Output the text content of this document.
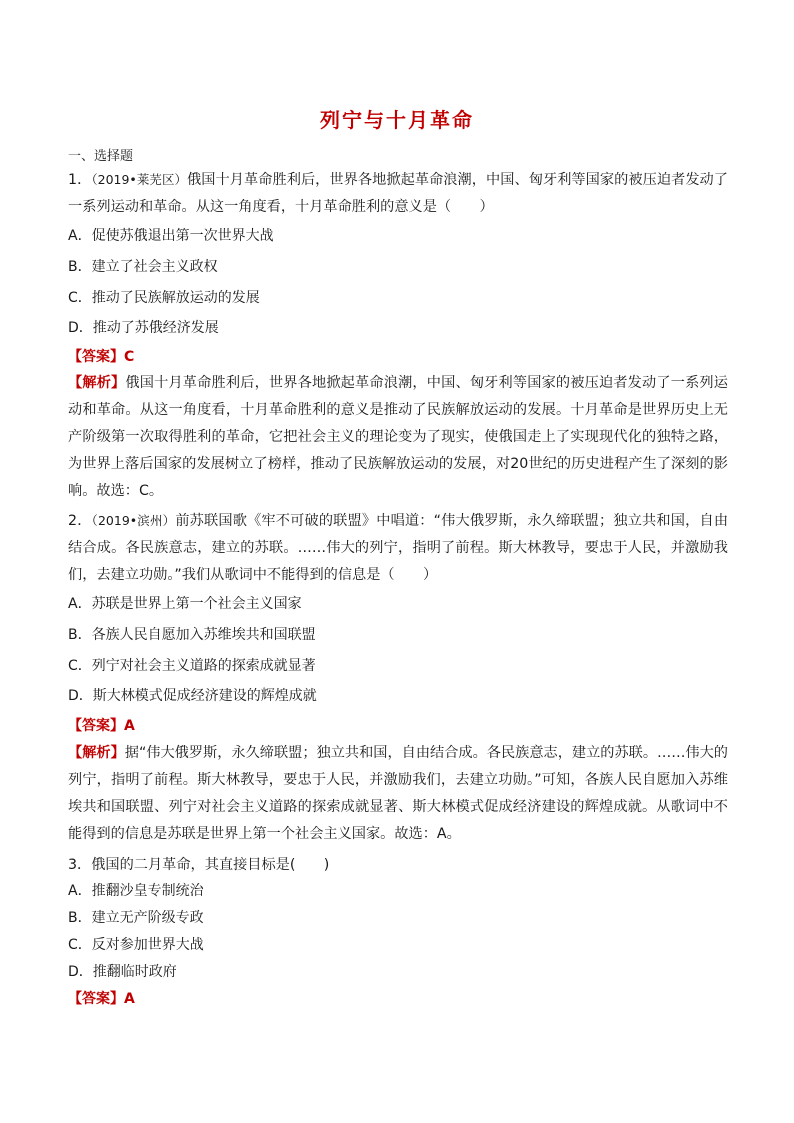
列宁与十月革命
一、选择题
1．（2019•莱芜区）俄国十月革命胜利后，世界各地掀起革命浪潮，中国、匈牙利等国家的被压迫者发动了一系列运动和革命。从这一角度看，十月革命胜利的意义是（　　）
A．促使苏俄退出第一次世界大战
B．建立了社会主义政权
C．推动了民族解放运动的发展
D．推动了苏俄经济发展
【答案】C
【解析】俄国十月革命胜利后，世界各地掀起革命浪潮，中国、匈牙利等国家的被压迫者发动了一系列运动和革命。从这一角度看，十月革命胜利的意义是推动了民族解放运动的发展。十月革命是世界历史上无产阶级第一次取得胜利的革命，它把社会主义的理论变为了现实，使俄国走上了实现现代化的独特之路，为世界上落后国家的发展树立了榜样，推动了民族解放运动的发展，对20世纪的历史进程产生了深刻的影响。故选：C。
2．（2019•滨州）前苏联国歌《牢不可破的联盟》中唱道：“伟大俄罗斯，永久缔联盟；独立共和国，自由结合成。各民族意志，建立的苏联。……伟大的列宁，指明了前程。斯大林教导，要忠于人民，并激励我们，去建立功勋。”我们从歌词中不能得到的信息是（　　）
A．苏联是世界上第一个社会主义国家
B．各族人民自愿加入苏维埃共和国联盟
C．列宁对社会主义道路的探索成就显著
D．斯大林模式促成经济建设的辉煌成就
【答案】A
【解析】据“伟大俄罗斯，永久缔联盟；独立共和国，自由结合成。各民族意志，建立的苏联。……伟大的列宁，指明了前程。斯大林教导，要忠于人民，并激励我们，去建立功勋。”可知，各族人民自愿加入苏维埃共和国联盟、列宁对社会主义道路的探索成就显著、斯大林模式促成经济建设的辉煌成就。从歌词中不能得到的信息是苏联是世界上第一个社会主义国家。故选：A。
3．俄国的二月革命，其直接目标是(　　)
A．推翻沙皇专制统治
B．建立无产阶级专政
C．反对参加世界大战
D．推翻临时政府
【答案】A
